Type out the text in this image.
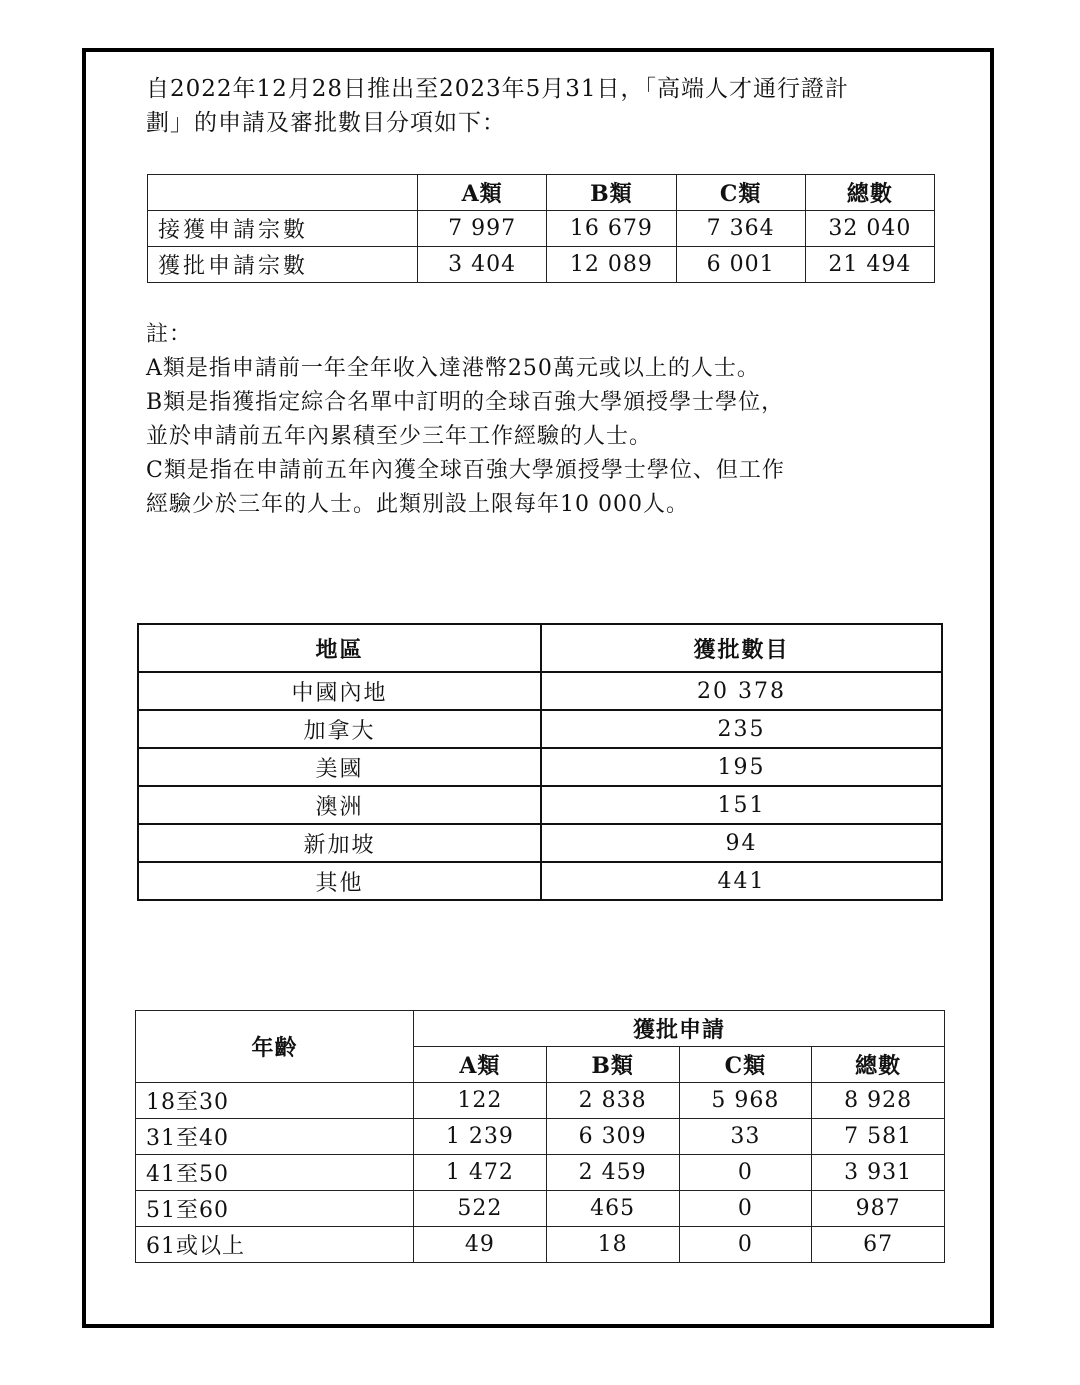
自2022年12月28日推出至2023年5月31日，「高端人才通行證計
劃」的申請及審批數目分項如下：
	A類	B類	C類	總數
接獲申請宗數	7 997	16 679	7 364	32 040
獲批申請宗數	3 404	12 089	6 001	21 494

註：

A類是指申請前一年全年收入達港幣250萬元或以上的人士。

B類是指獲指定綜合名單中訂明的全球百強大學頒授學士學位，

並於申請前五年內累積至少三年工作經驗的人士。

C類是指在申請前五年內獲全球百強大學頒授學士學位、但工作

經驗少於三年的人士。此類別設上限每年10 000人。

地區	獲批數目
中國內地	20 378
加拿大	235
美國	195
澳洲	151
新加坡	94
其他	441
年齡	獲批申請			
	A類	B類	C類	總數
18至30	122	2 838	5 968	8 928
31至40	1 239	6 309	33	7 581
41至50	1 472	2 459	0	3 931
51至60	522	465	0	987
61或以上	49	18	0	67
